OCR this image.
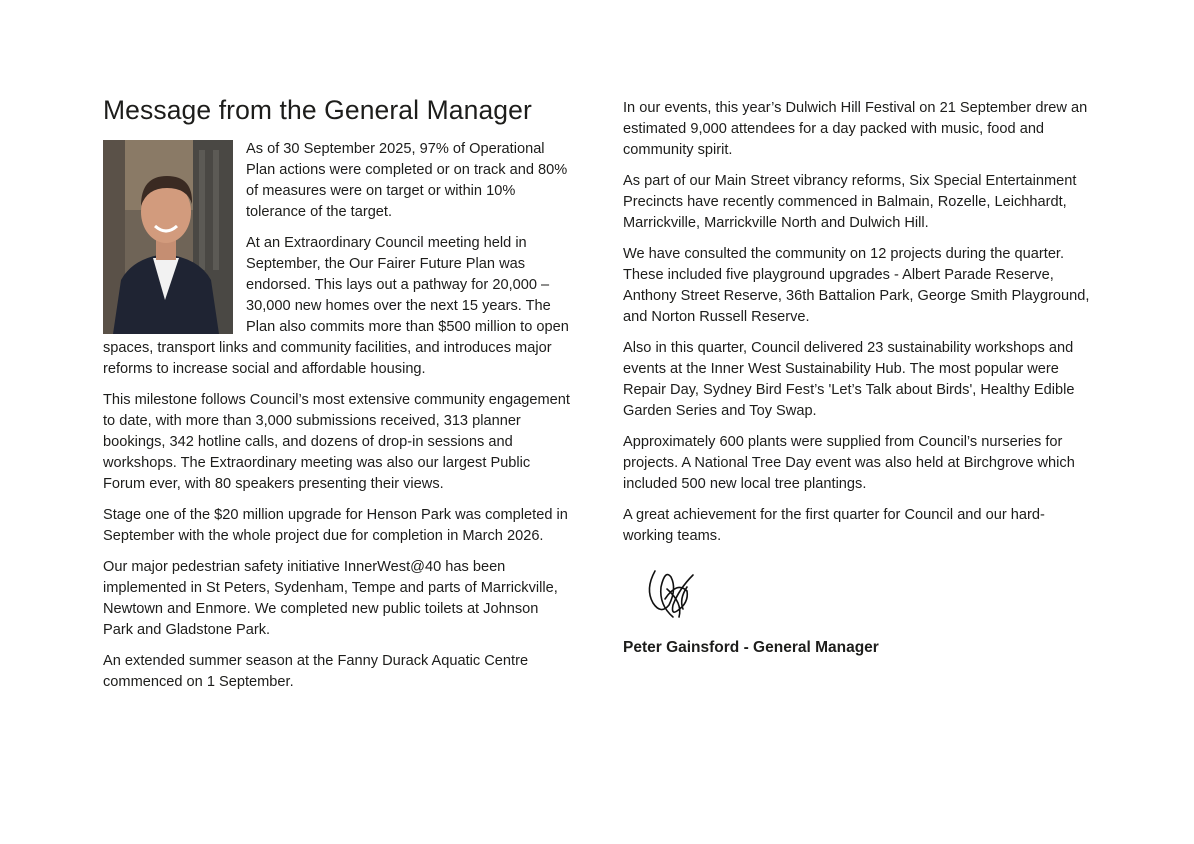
Message from the General Manager

As of 30 September 2025, 97% of Operational Plan actions were completed or on track and 80% of measures were on target or within 10% tolerance of the target.

At an Extraordinary Council meeting held in September, the Our Fairer Future Plan was endorsed. This lays out a pathway for 20,000 – 30,000 new homes over the next 15 years. The Plan also commits more than $500 million to open spaces, transport links and community facilities, and introduces major reforms to increase social and affordable housing.

This milestone follows Council’s most extensive community engagement to date, with more than 3,000 submissions received, 313 planner bookings, 342 hotline calls, and dozens of drop-in sessions and workshops. The Extraordinary meeting was also our largest Public Forum ever, with 80 speakers presenting their views.

Stage one of the $20 million upgrade for Henson Park was completed in September with the whole project due for completion in March 2026.

Our major pedestrian safety initiative InnerWest@40 has been implemented in St Peters, Sydenham, Tempe and parts of Marrickville, Newtown and Enmore. We completed new public toilets at Johnson Park and Gladstone Park.

An extended summer season at the Fanny Durack Aquatic Centre commenced on 1 September.

In our events, this year’s Dulwich Hill Festival on 21 September drew an estimated 9,000 attendees for a day packed with music, food and community spirit.

As part of our Main Street vibrancy reforms, Six Special Entertainment Precincts have recently commenced in Balmain, Rozelle, Leichhardt, Marrickville, Marrickville North and Dulwich Hill.

We have consulted the community on 12 projects during the quarter. These included five playground upgrades - Albert Parade Reserve, Anthony Street Reserve, 36th Battalion Park, George Smith Playground, and Norton Russell Reserve.

Also in this quarter, Council delivered 23 sustainability workshops and events at the Inner West Sustainability Hub. The most popular were Repair Day, Sydney Bird Fest’s 'Let’s Talk about Birds', Healthy Edible Garden Series and Toy Swap.

Approximately 600 plants were supplied from Council’s nurseries for projects. A National Tree Day event was also held at Birchgrove which included 500 new local tree plantings.

A great achievement for the first quarter for Council and our hard-working teams.

Peter Gainsford - General Manager
